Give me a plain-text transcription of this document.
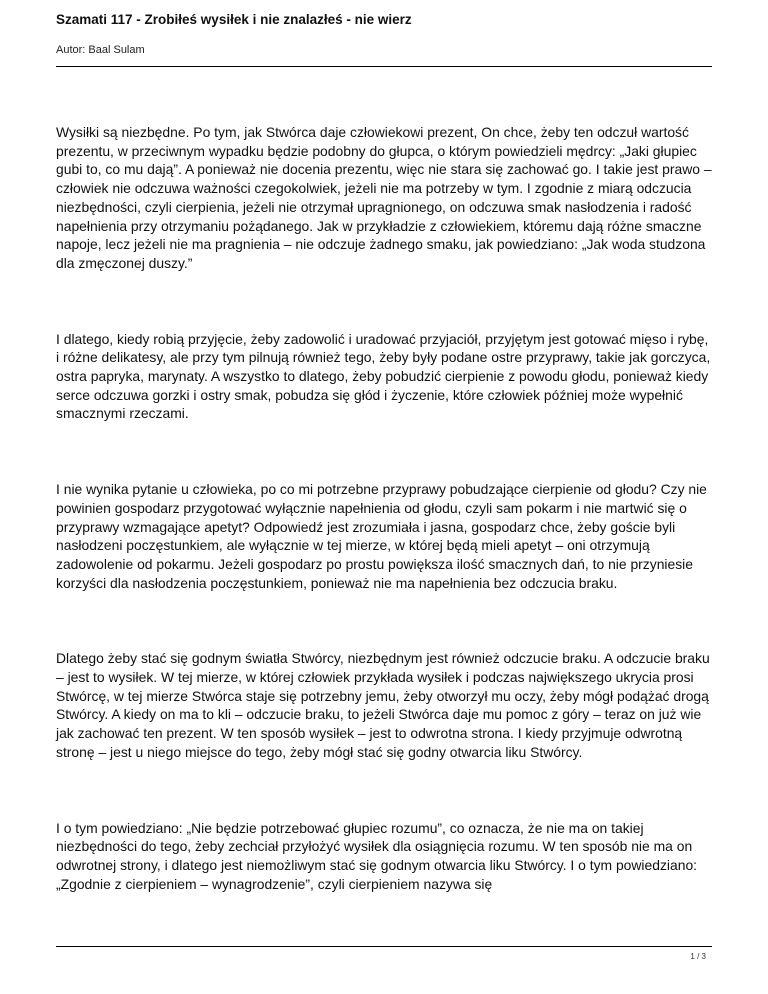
Szamati 117 - Zrobiłeś wysiłek i nie znalazłeś - nie wierz
Autor: Baal Sulam

Wysiłki są niezbędne. Po tym, jak Stwórca daje człowiekowi prezent, On chce, żeby ten odczuł wartość prezentu, w przeciwnym wypadku będzie podobny do głupca, o którym powiedzieli mędrcy: „Jaki głupiec gubi to, co mu dają”. A ponieważ nie docenia prezentu, więc nie stara się zachować go. I takie jest prawo – człowiek nie odczuwa ważności czegokolwiek, jeżeli nie ma potrzeby w tym. I zgodnie z miarą odczucia niezbędności, czyli cierpienia, jeżeli nie otrzymał upragnionego, on odczuwa smak nasłodzenia i radość napełnienia przy otrzymaniu pożądanego. Jak w przykładzie z człowiekiem, któremu dają różne smaczne napoje, lecz jeżeli nie ma pragnienia – nie odczuje żadnego smaku, jak powiedziano: „Jak woda studzona dla zmęczonej duszy.”

I dlatego, kiedy robią przyjęcie, żeby zadowolić i uradować przyjaciół, przyjętym jest gotować mięso i rybę, i różne delikatesy, ale przy tym pilnują również tego, żeby były podane ostre przyprawy, takie jak gorczyca, ostra papryka, marynaty. A wszystko to dlatego, żeby pobudzić cierpienie z powodu głodu, ponieważ kiedy serce odczuwa gorzki i ostry smak, pobudza się głód i życzenie, które człowiek później może wypełnić smacznymi rzeczami.

I nie wynika pytanie u człowieka, po co mi potrzebne przyprawy pobudzające cierpienie od głodu? Czy nie powinien gospodarz przygotować wyłącznie napełnienia od głodu, czyli sam pokarm i nie martwić się o przyprawy wzmagające apetyt? Odpowiedź jest zrozumiała i jasna, gospodarz chce, żeby goście byli nasłodzeni poczęstunkiem, ale wyłącznie w tej mierze, w której będą mieli apetyt – oni otrzymują zadowolenie od pokarmu. Jeżeli gospodarz po prostu powiększa ilość smacznych dań, to nie przyniesie korzyści dla nasłodzenia poczęstunkiem, ponieważ nie ma napełnienia bez odczucia braku.

Dlatego żeby stać się godnym światła Stwórcy, niezbędnym jest również odczucie braku. A odczucie braku – jest to wysiłek. W tej mierze, w której człowiek przykłada wysiłek i podczas największego ukrycia prosi Stwórcę, w tej mierze Stwórca staje się potrzebny jemu, żeby otworzył mu oczy, żeby mógł podążać drogą Stwórcy. A kiedy on ma to kli – odczucie braku, to jeżeli Stwórca daje mu pomoc z góry – teraz on już wie jak zachować ten prezent. W ten sposób wysiłek – jest to odwrotna strona. I kiedy przyjmuje odwrotną stronę – jest u niego miejsce do tego, żeby mógł stać się godny otwarcia liku Stwórcy.

I o tym powiedziano: „Nie będzie potrzebować głupiec rozumu”, co oznacza, że nie ma on takiej niezbędności do tego, żeby zechciał przyłożyć wysiłek dla osiągnięcia rozumu. W ten sposób nie ma on odwrotnej strony, i dlatego jest niemożliwym stać się godnym otwarcia liku Stwórcy. I o tym powiedziano: „Zgodnie z cierpieniem – wynagrodzenie”, czyli cierpieniem nazywa się

1 / 3
